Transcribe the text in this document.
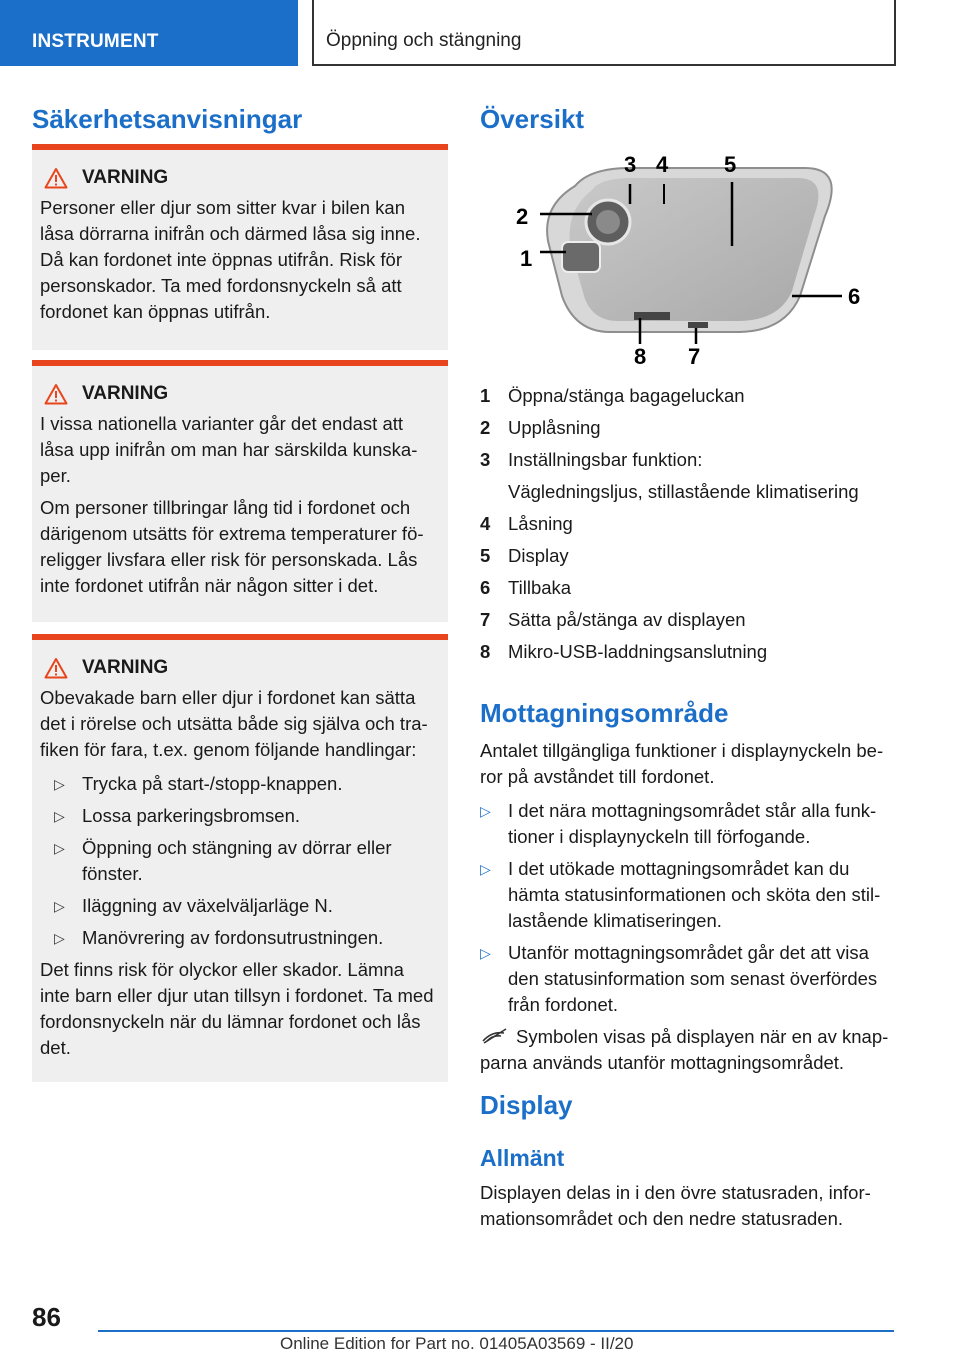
INSTRUMENT	Öppning och stängning
Säkerhetsanvisningar
VARNING

Personer eller djur som sitter kvar i bilen kan låsa dörrarna inifrån och därmed låsa sig inne. Då kan fordonet inte öppnas utifrån. Risk för personskador. Ta med fordonsnyckeln så att fordonet kan öppnas utifrån.

VARNING

I vissa nationella varianter går det endast att låsa upp inifrån om man har särskilda kunska-per.

Om personer tillbringar lång tid i fordonet och därigenom utsätts för extrema temperaturer fö-religger livsfara eller risk för personskada. Lås inte fordonet utifrån när någon sitter i det.

VARNING

Obevakade barn eller djur i fordonet kan sätta det i rörelse och utsätta både sig själva och tra-fiken för fara, t.ex. genom följande handlingar:

▷ Trycka på start-/stopp-knappen.
▷ Lossa parkeringsbromsen.
▷ Öppning och stängning av dörrar eller fönster.
▷ Iläggning av växelväljarläge N.
▷ Manövrering av fordonsutrustningen.

Det finns risk för olyckor eller skador. Lämna inte barn eller djur utan tillsyn i fordonet. Ta med fordonsnyckeln när du lämnar fordonet och lås det.

Översikt
1
2
3 4	5
6
7
8
1 Öppna/stänga bagageluckan
2 Upplåsning
3 Inställningsbar funktion:
Vägledningsljus, stillastående klimatisering
4 Låsning
5 Display
6 Tillbaka
7 Sätta på/stänga av displayen
8 Mikro-USB-laddningsanslutning
Mottagningsområde

Antalet tillgängliga funktioner i displaynyckeln be-ror på avståndet till fordonet.

▷ I det nära mottagningsområdet står alla funk-tioner i displaynyckeln till förfogande.
▷ I det utökade mottagningsområdet kan du hämta statusinformationen och sköta den stil-lastående klimatiseringen.
▷ Utanför mottagningsområdet går det att visa den statusinformation som senast överfördes från fordonet.

Symbolen visas på displayen när en av knap-parna används utanför mottagningsområdet.

Display
Allmänt

Displayen delas in i den övre statusraden, infor-mationsområdet och den nedre statusraden.

86
Online Edition for Part no. 01405A03569 - II/20
